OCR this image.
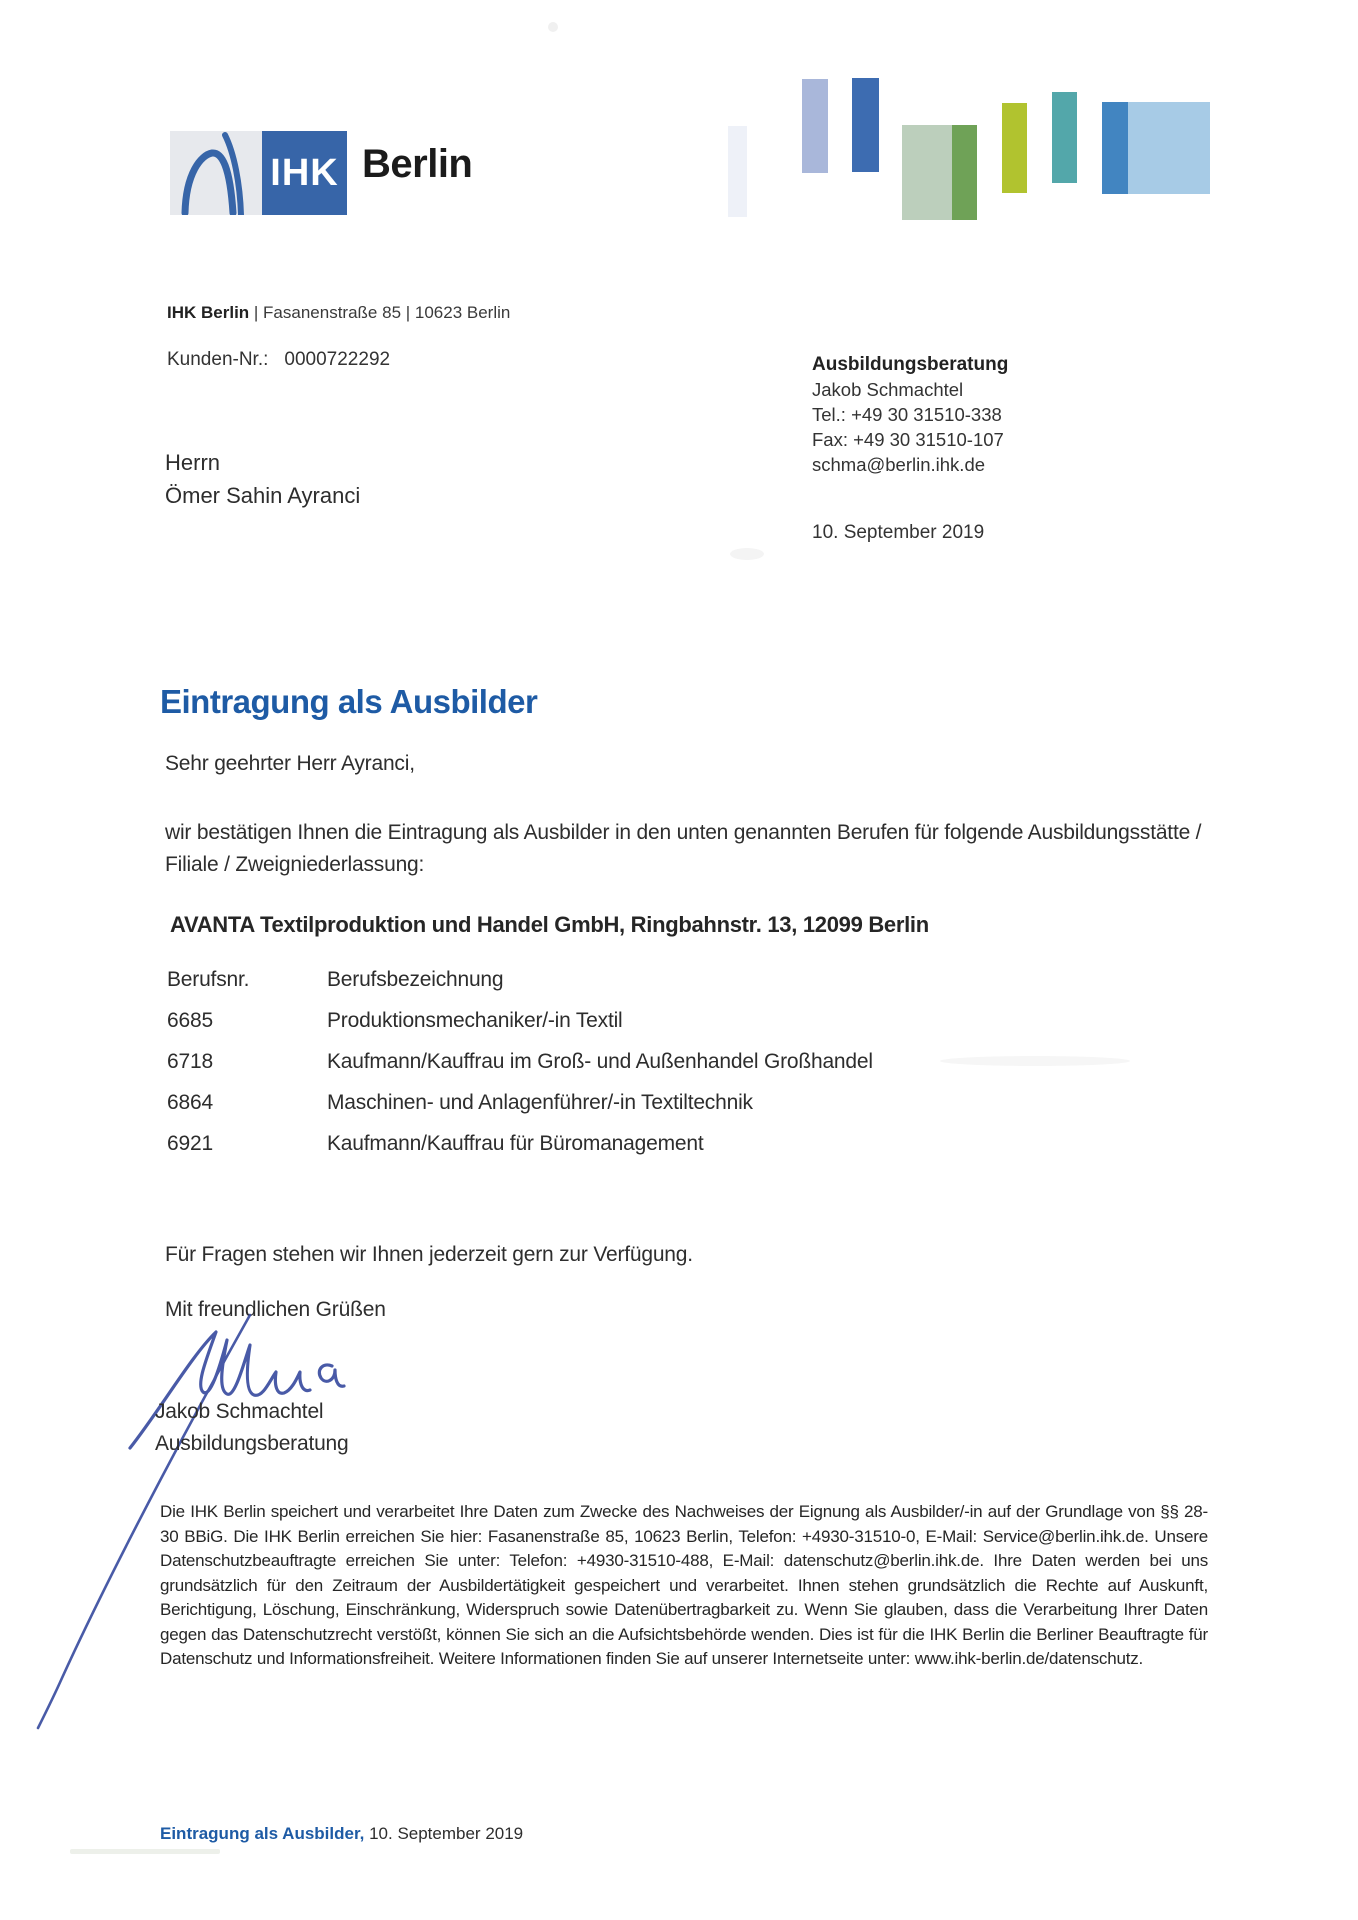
IHK Berlin
IHK Berlin | Fasanenstraße 85 | 10623 Berlin
Kunden-Nr.: 0000722292	Ausbildungsberatung
Jakob Schmachtel
Tel.: +49 30 31510-338
Fax: +49 30 31510-107
schma@berlin.ihk.de
Herrn
Ömer Sahin Ayranci
10. September 2019
Eintragung als Ausbilder
Sehr geehrter Herr Ayranci,
wir bestätigen Ihnen die Eintragung als Ausbilder in den unten genannten Berufen für folgende Ausbildungsstätte / Filiale / Zweigniederlassung:
AVANTA Textilproduktion und Handel GmbH, Ringbahnstr. 13, 12099 Berlin
Berufsnr.	Berufsbezeichnung
6685	Produktionsmechaniker/-in Textil
6718	Kaufmann/Kauffrau im Groß- und Außenhandel Großhandel
6864	Maschinen- und Anlagenführer/-in Textiltechnik
6921	Kaufmann/Kauffrau für Büromanagement
Für Fragen stehen wir Ihnen jederzeit gern zur Verfügung.
Mit freundlichen Grüßen
Jakob Schmachtel
Ausbildungsberatung
Die IHK Berlin speichert und verarbeitet Ihre Daten zum Zwecke des Nachweises der Eignung als Ausbilder/-in auf der Grundlage von §§ 28-30 BBiG. Die IHK Berlin erreichen Sie hier: Fasanenstraße 85, 10623 Berlin, Telefon: +4930-31510-0, E-Mail: Service@berlin.ihk.de. Unsere Datenschutzbeauftragte erreichen Sie unter: Telefon: +4930-31510-488, E-Mail: datenschutz@berlin.ihk.de. Ihre Daten werden bei uns grundsätzlich für den Zeitraum der Ausbildertätigkeit gespeichert und verarbeitet. Ihnen stehen grundsätzlich die Rechte auf Auskunft, Berichtigung, Löschung, Einschränkung, Widerspruch sowie Datenübertragbarkeit zu. Wenn Sie glauben, dass die Verarbeitung Ihrer Daten gegen das Datenschutzrecht verstößt, können Sie sich an die Aufsichtsbehörde wenden. Dies ist für die IHK Berlin die Berliner Beauftragte für Datenschutz und Informationsfreiheit. Weitere Informationen finden Sie auf unserer Internetseite unter: www.ihk-berlin.de/datenschutz.
Eintragung als Ausbilder, 10. September 2019
